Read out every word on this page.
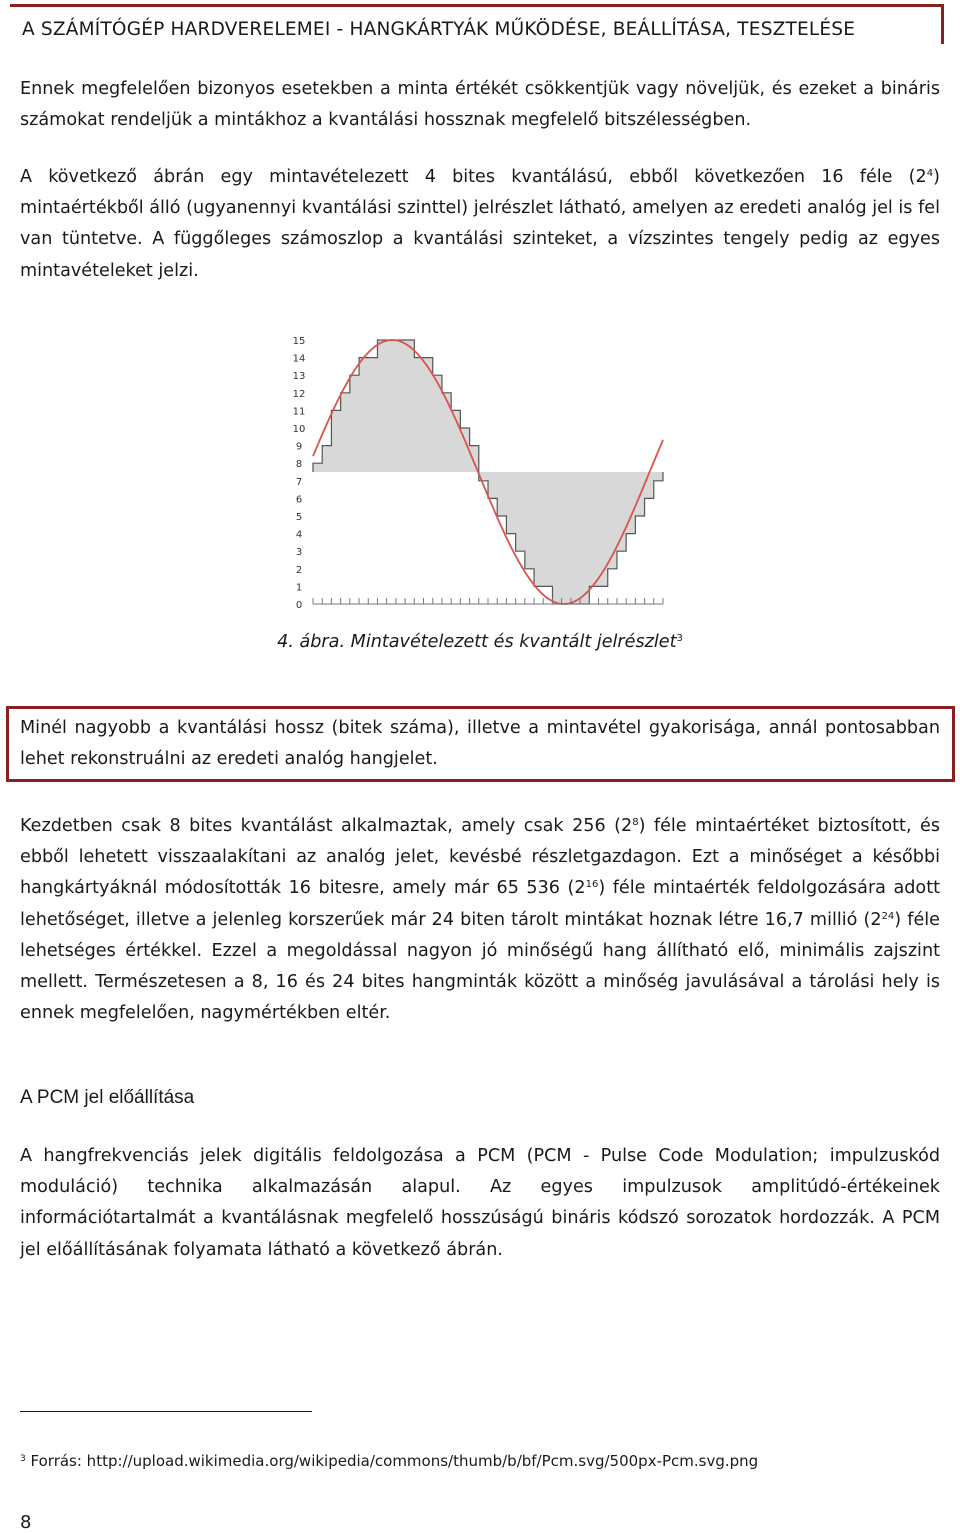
A SZÁMÍTÓGÉP HARDVERELEMEI - HANGKÁRTYÁK MŰKÖDÉSE, BEÁLLÍTÁSA, TESZTELÉSE

Ennek megfelelően bizonyos esetekben a minta értékét csökkentjük vagy növeljük, és ezeket a bináris számokat rendeljük a mintákhoz a kvantálási hossznak megfelelő bitszélességben.

A következő ábrán egy mintavételezett 4 bites kvantálású, ebből következően 16 féle $(2^4)$ mintaértékből álló (ugyanennyi kvantálási szinttel) jelrészlet látható, amelyen az eredeti analóg jel is fel van tüntetve. A függőleges számoszlop a kvantálási szinteket, a vízszintes tengely pedig az egyes mintavételeket jelzi.

0
1
2
3
4
5
6
7
8
9
10
11
12
13
14
15
4. ábra. Mintavételezett és kvantált jelrészlet$^3$

Minél nagyobb a kvantálási hossz (bitek száma), illetve a mintavétel gyakorisága, annál pontosabban lehet rekonstruálni az eredeti analóg hangjelet.

Kezdetben csak 8 bites kvantálást alkalmaztak, amely csak 256 $(2^8)$ féle mintaértéket biztosított, és ebből lehetett visszaalakítani az analóg jelet, kevésbé részletgazdagon. Ezt a minőséget a későbbi hangkártyáknál módosították 16 bitesre, amely már 65 536 $(2^{16})$ féle mintaérték feldolgozására adott lehetőséget, illetve a jelenleg korszerűek már 24 biten tárolt mintákat hoznak létre 16,7 millió $(2^{24})$ féle lehetséges értékkel. Ezzel a megoldással nagyon jó minőségű hang állítható elő, minimális zajszint mellett. Természetesen a 8, 16 és 24 bites hangminták között a minőség javulásával a tárolási hely is ennek megfelelően, nagymértékben eltér.

A PCM jel előállítása

A hangfrekvenciás jelek digitális feldolgozása a PCM (PCM - Pulse Code Modulation; impulzuskód moduláció) technika alkalmazásán alapul. Az egyes impulzusok amplitúdó-értékeinek információtartalmát a kvantálásnak megfelelő hosszúságú bináris kódszó sorozatok hordozzák. A PCM jel előállításának folyamata látható a következő ábrán.

$^3$ Forrás: http://upload.wikimedia.org/wikipedia/commons/thumb/b/bf/Pcm.svg/500px-Pcm.svg.png
8
